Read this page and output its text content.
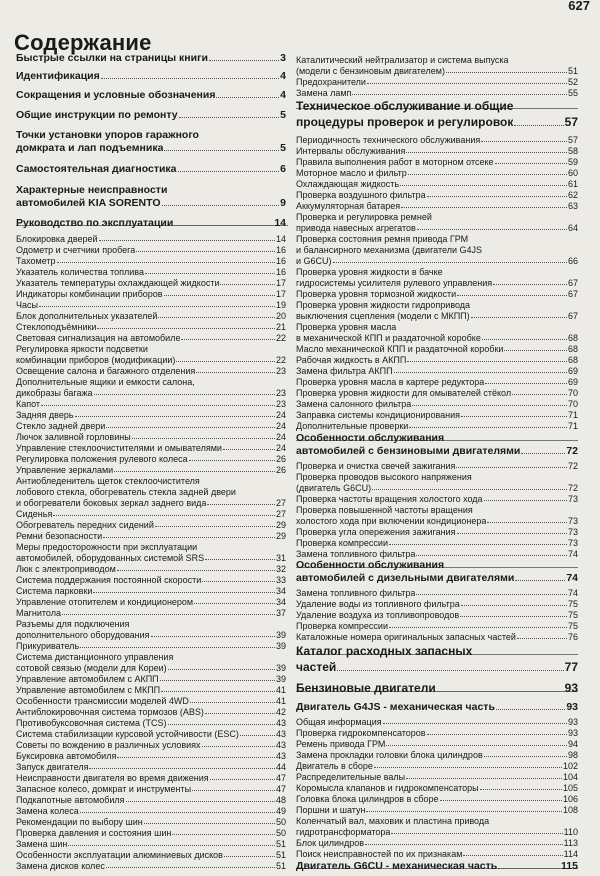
627
Содержание
Быстрые ссылки на страницы книги	3
Идентификация	4
Сокращения и условные обозначения	4
Общие инструкции по ремонту	5
Точки установки упоров гаражного
домкрата и лап подъемника	5
Самостоятельная диагностика	6
Характерные неисправности
автомобилей KIA SORENTO	9
Руководство по эксплуатации	14
Блокировка дверей	14
Одометр и счетчики пробега	16
Тахометр	16
Указатель количества топлива	16
Указатель температуры охлаждающей жидкости	17
Индикаторы комбинации приборов	17
Часы	19
Блок дополнительных указателей	20
Стеклоподъёмники	21
Световая сигнализация на автомобиле	22
Регулировка яркости подсветки
комбинации приборов (модификации)	22
Освещение салона и багажного отделения	23
Дополнительные ящики и емкости салона,
дикобразы багажа	23
Капот	23
Задняя дверь	24
Стекло задней двери	24
Лючок заливной горловины	24
Управление стеклоочистителями и омывателями	24
Регулировка положения рулевого колеса	26
Управление зеркалами	26
Антиобледенитель щеток стеклоочистителя
лобового стекла, обогреватель стекла задней двери
и обогреватели боковых зеркал заднего вида	27
Сиденья	27
Обогреватель передних сидений	29
Ремни безопасности	29
Меры предосторожности при эксплуатации
автомобилей, оборудованных системой SRS	31
Люк с электроприводом	32
Система поддержания постоянной скорости	33
Система парковки	34
Управление отопителем и кондиционером	34
Магнитола	37
Разъемы для подключения
дополнительного оборудования	39
Прикуриватель	39
Система дистанционного управления
сотовой связью (модели для Кореи)	39
Управление автомобилем с АКПП	39
Управление автомобилем с МКПП	41
Особенности трансмиссии моделей 4WD	41
Антиблокировочная система тормозов (ABS)	42
Противобуксовочная система (TCS)	43
Система стабилизации курсовой устойчивости (ESC)	43
Советы по вождению в различных условиях	43
Буксировка автомобиля	43
Запуск двигателя	44
Неисправности двигателя во время движения	47
Запасное колесо, домкрат и инструменты	47
Подкапотные автомобиля	48
Замена колеса	49
Рекомендации по выбору шин	50
Проверка давления и состояния шин	50
Замена шин	51
Особенности эксплуатации алюминиевых дисков	51
Замена дисков колес	51
Каталитический нейтрализатор и система выпуска
(модели с бензиновым двигателем)	51
Предохранители	52
Замена ламп	55
Техническое обслуживание и общие
процедуры проверок и регулировок	57
Периодичность технического обслуживания	57
Интервалы обслуживания	58
Правила выполнения работ в моторном отсеке	59
Моторное масло и фильтр	60
Охлаждающая жидкость	61
Проверка воздушного фильтра	62
Аккумуляторная батарея	63
Проверка и регулировка ремней
привода навесных агрегатов	64
Проверка состояния ремня привода ГРМ
и балансирного механизма (двигатели G4JS
и G6CU)	66
Проверка уровня жидкости в бачке
гидросистемы усилителя рулевого управления	67
Проверка уровня тормозной жидкости	67
Проверка уровня жидкости гидропривода
выключения сцепления (модели с МКПП)	67
Проверка уровня масла
в механической КПП и раздаточной коробке	68
Масло механической КПП и раздаточной коробки	68
Рабочая жидкость в АКПП	68
Замена фильтра АКПП	69
Проверка уровня масла в картере редуктора	69
Проверка уровня жидкости для омывателей стёкол	70
Замена салонного фильтра	70
Заправка системы кондиционирования	71
Дополнительные проверки	71
Особенности обслуживания
автомобилей с бензиновыми двигателями	72
Проверка и очистка свечей зажигания	72
Проверка проводов высокого напряжения
(двигатель G6CU)	72
Проверка частоты вращения холостого хода	73
Проверка повышенной частоты вращения
холостого хода при включении кондиционера	73
Проверка угла опережения зажигания	73
Проверка компрессии	73
Замена топливного фильтра	74
Особенности обслуживания
автомобилей с дизельными двигателями	74
Замена топливного фильтра	74
Удаление воды из топливного фильтра	75
Удаление воздуха из топливопроводов	75
Проверка компрессии	75
Каталожные номера оригинальных запасных частей	76
Каталог расходных запасных
частей	77
Бензиновые двигатели	93
Двигатель G4JS - механическая часть	93
Общая информация	93
Проверка гидрокомпенсаторов	93
Ремень привода ГРМ	94
Замена прокладки головки блока цилиндров	98
Двигатель в сборе	102
Распределительные валы	104
Коромысла клапанов и гидрокомпенсаторы	105
Головка блока цилиндров в сборе	106
Поршни и шатун	108
Коленчатый вал, маховик и пластина привода
гидротрансформатора	110
Блок цилиндров	113
Поиск неисправностей по их признакам	114
Двигатель G6CU - механическая часть	115
